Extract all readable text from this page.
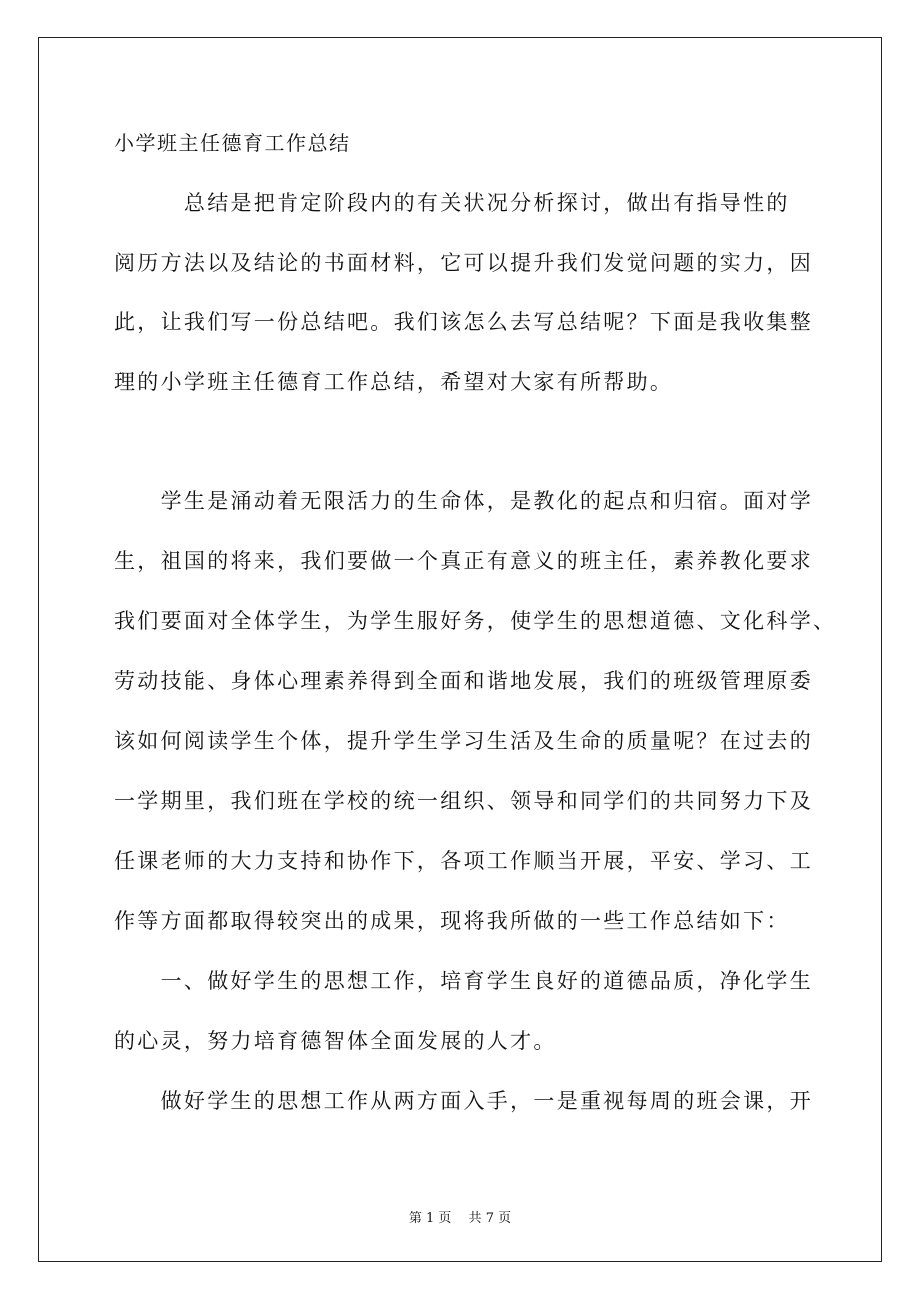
小学班主任德育工作总结
　　　总结是把肯定阶段内的有关状况分析探讨，做出有指导性的
阅历方法以及结论的书面材料，它可以提升我们发觉问题的实力，因
此，让我们写一份总结吧。我们该怎么去写总结呢？下面是我收集整
理的小学班主任德育工作总结，希望对大家有所帮助。
　　学生是涌动着无限活力的生命体，是教化的起点和归宿。面对学
生，祖国的将来，我们要做一个真正有意义的班主任，素养教化要求
我们要面对全体学生，为学生服好务，使学生的思想道德、文化科学、
劳动技能、身体心理素养得到全面和谐地发展，我们的班级管理原委
该如何阅读学生个体，提升学生学习生活及生命的质量呢？在过去的
一学期里，我们班在学校的统一组织、领导和同学们的共同努力下及
任课老师的大力支持和协作下，各项工作顺当开展，平安、学习、工
作等方面都取得较突出的成果，现将我所做的一些工作总结如下：
　　一、做好学生的思想工作，培育学生良好的道德品质，净化学生
的心灵，努力培育德智体全面发展的人才。
　　做好学生的思想工作从两方面入手，一是重视每周的班会课，开
第 1 页　 共 7 页
